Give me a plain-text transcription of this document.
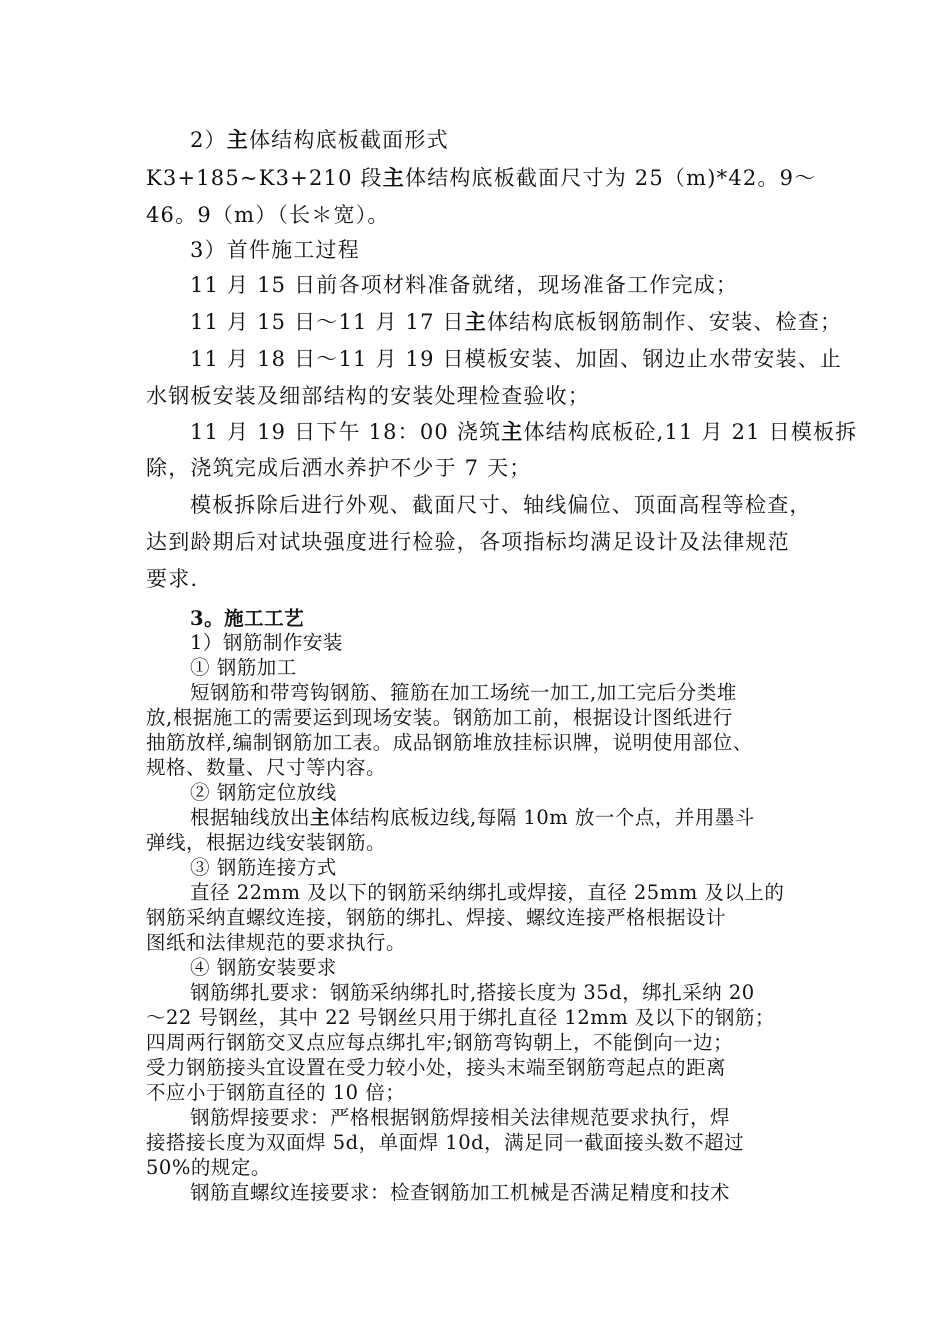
2）主体结构底板截面形式
K3+185~K3+210 段主体结构底板截面尺寸为 25（m)*42。9～
46。9（m）（长＊宽）。
3）首件施工过程
11 月 15 日前各项材料准备就绪，现场准备工作完成；
11 月 15 日～11 月 17 日主体结构底板钢筋制作、安装、检查；
11 月 18 日～11 月 19 日模板安装、加固、钢边止水带安装、止
水钢板安装及细部结构的安装处理检查验收；
11 月 19 日下午 18：00 浇筑主体结构底板砼,11 月 21 日模板拆
除，浇筑完成后洒水养护不少于 7 天；
模板拆除后进行外观、截面尺寸、轴线偏位、顶面高程等检查，
达到龄期后对试块强度进行检验，各项指标均满足设计及法律规范
要求.
3。施工工艺
1）钢筋制作安装
① 钢筋加工
短钢筋和带弯钩钢筋、箍筋在加工场统一加工,加工完后分类堆
放,根据施工的需要运到现场安装。钢筋加工前，根据设计图纸进行
抽筋放样,编制钢筋加工表。成品钢筋堆放挂标识牌，说明使用部位、
规格、数量、尺寸等内容。
② 钢筋定位放线
根据轴线放出主体结构底板边线,每隔 10m 放一个点，并用墨斗
弹线，根据边线安装钢筋。
③ 钢筋连接方式
直径 22mm 及以下的钢筋采纳绑扎或焊接，直径 25mm 及以上的
钢筋采纳直螺纹连接，钢筋的绑扎、焊接、螺纹连接严格根据设计
图纸和法律规范的要求执行。
④ 钢筋安装要求
钢筋绑扎要求：钢筋采纳绑扎时,搭接长度为 35d，绑扎采纳 20
～22 号钢丝，其中 22 号钢丝只用于绑扎直径 12mm 及以下的钢筋；
四周两行钢筋交叉点应每点绑扎牢;钢筋弯钩朝上，不能倒向一边；
受力钢筋接头宜设置在受力较小处，接头末端至钢筋弯起点的距离
不应小于钢筋直径的 10 倍；
钢筋焊接要求：严格根据钢筋焊接相关法律规范要求执行，焊
接搭接长度为双面焊 5d，单面焊 10d，满足同一截面接头数不超过
50%的规定。
钢筋直螺纹连接要求：检查钢筋加工机械是否满足精度和技术
